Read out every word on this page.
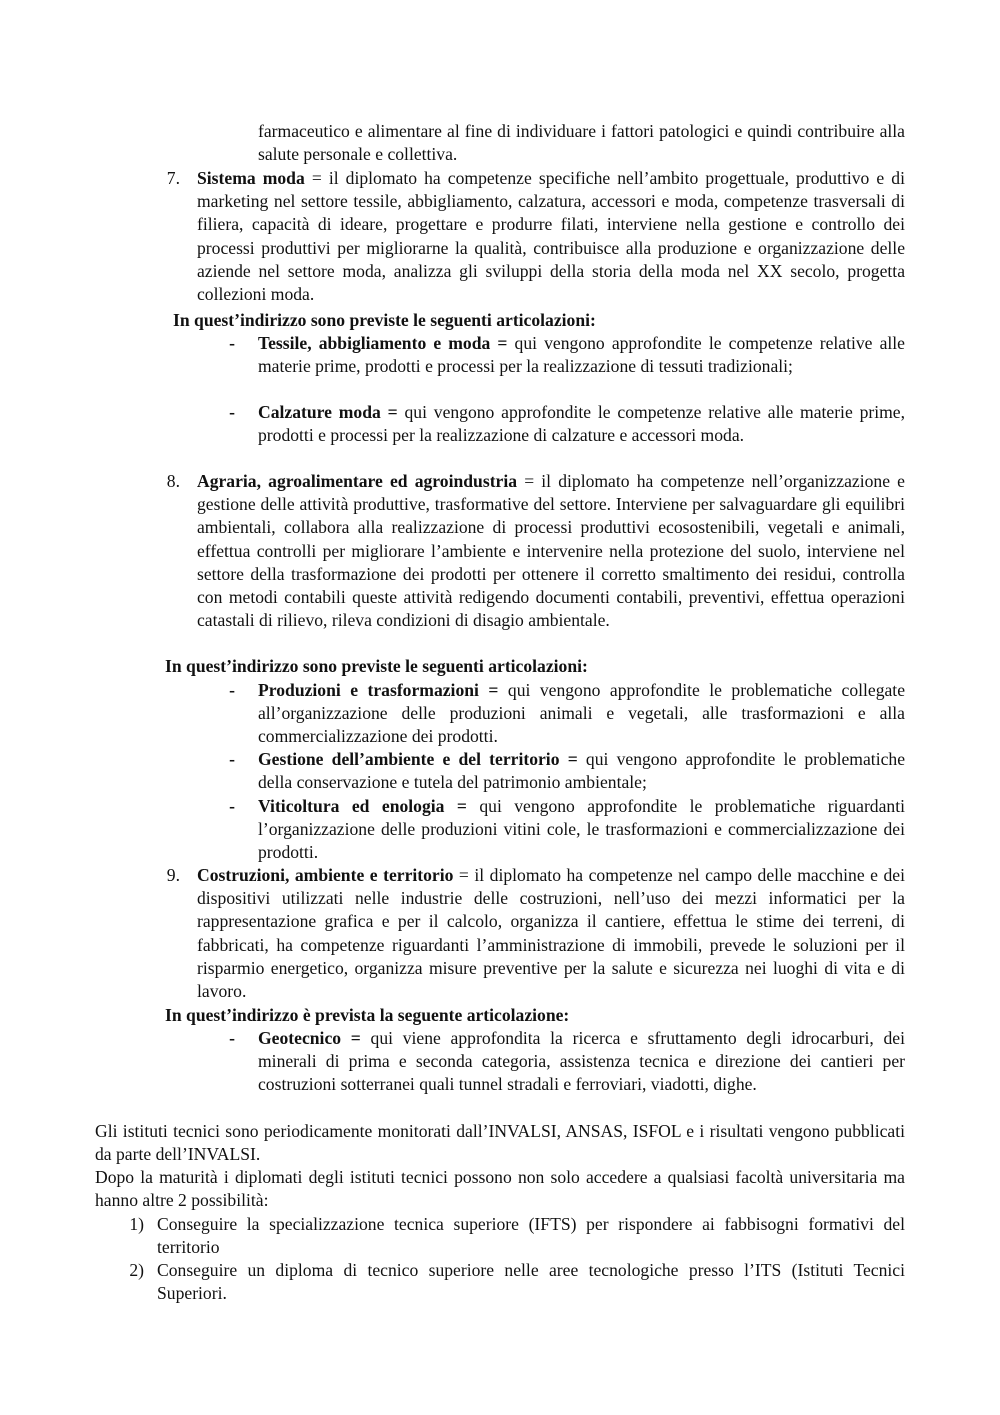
farmaceutico e alimentare al fine di individuare i fattori patologici e quindi contribuire alla salute personale e collettiva.

7. Sistema moda = il diplomato ha competenze specifiche nell’ambito progettuale, produttivo e di marketing nel settore tessile, abbigliamento, calzatura, accessori e moda, competenze trasversali di filiera, capacità di ideare, progettare e produrre filati, interviene nella gestione e controllo dei processi produttivi per migliorarne la qualità, contribuisce alla produzione e organizzazione delle aziende nel settore moda, analizza gli sviluppi della storia della moda nel XX secolo, progetta collezioni moda.

In quest’indirizzo sono previste le seguenti articolazioni:

-	Tessile, abbigliamento e moda = qui vengono approfondite le competenze relative alle materie prime, prodotti e processi per la realizzazione di tessuti tradizionali;

-	Calzature moda = qui vengono approfondite le competenze relative alle materie prime, prodotti e processi per la realizzazione di calzature e accessori moda.

8. Agraria, agroalimentare ed agroindustria = il diplomato ha competenze nell’organizzazione e gestione delle attività produttive, trasformative del settore. Interviene per salvaguardare gli equilibri ambientali, collabora alla realizzazione di processi produttivi ecosostenibili, vegetali e animali, effettua controlli per migliorare l’ambiente e intervenire nella protezione del suolo, interviene nel settore della trasformazione dei prodotti per ottenere il corretto smaltimento dei residui, controlla con metodi contabili queste attività redigendo documenti contabili, preventivi, effettua operazioni catastali di rilievo, rileva condizioni di disagio ambientale.

In quest’indirizzo sono previste le seguenti articolazioni:

-	Produzioni e trasformazioni = qui vengono approfondite le problematiche collegate all’organizzazione delle produzioni animali e vegetali, alle trasformazioni e alla commercializzazione dei prodotti.

-	Gestione dell’ambiente e del territorio = qui vengono approfondite le problematiche della conservazione e tutela del patrimonio ambientale;

-	Viticoltura ed enologia = qui vengono approfondite le problematiche riguardanti l’organizzazione delle produzioni vitini cole, le trasformazioni e commercializzazione dei prodotti.

9. Costruzioni, ambiente e territorio = il diplomato ha competenze nel campo delle macchine e dei dispositivi utilizzati nelle industrie delle costruzioni, nell’uso dei mezzi informatici per la rappresentazione grafica e per il calcolo, organizza il cantiere, effettua le stime dei terreni, di fabbricati, ha competenze riguardanti l’amministrazione di immobili, prevede le soluzioni per il risparmio energetico, organizza misure preventive per la salute e sicurezza nei luoghi di vita e di lavoro.

In quest’indirizzo è prevista la seguente articolazione:

-	Geotecnico = qui viene approfondita la ricerca e sfruttamento degli idrocarburi, dei minerali di prima e seconda categoria, assistenza tecnica e direzione dei cantieri per costruzioni sotterranei quali tunnel stradali e ferroviari, viadotti, dighe.

Gli istituti tecnici sono periodicamente monitorati dall’INVALSI, ANSAS, ISFOL e i risultati vengono pubblicati da parte dell’INVALSI.

Dopo la maturità i diplomati degli istituti tecnici possono non solo accedere a qualsiasi facoltà universitaria ma hanno altre 2 possibilità:

1) Conseguire la specializzazione tecnica superiore (IFTS) per rispondere ai fabbisogni formativi del territorio

2) Conseguire un diploma di tecnico superiore nelle aree tecnologiche presso l’ITS (Istituti Tecnici Superiori.
